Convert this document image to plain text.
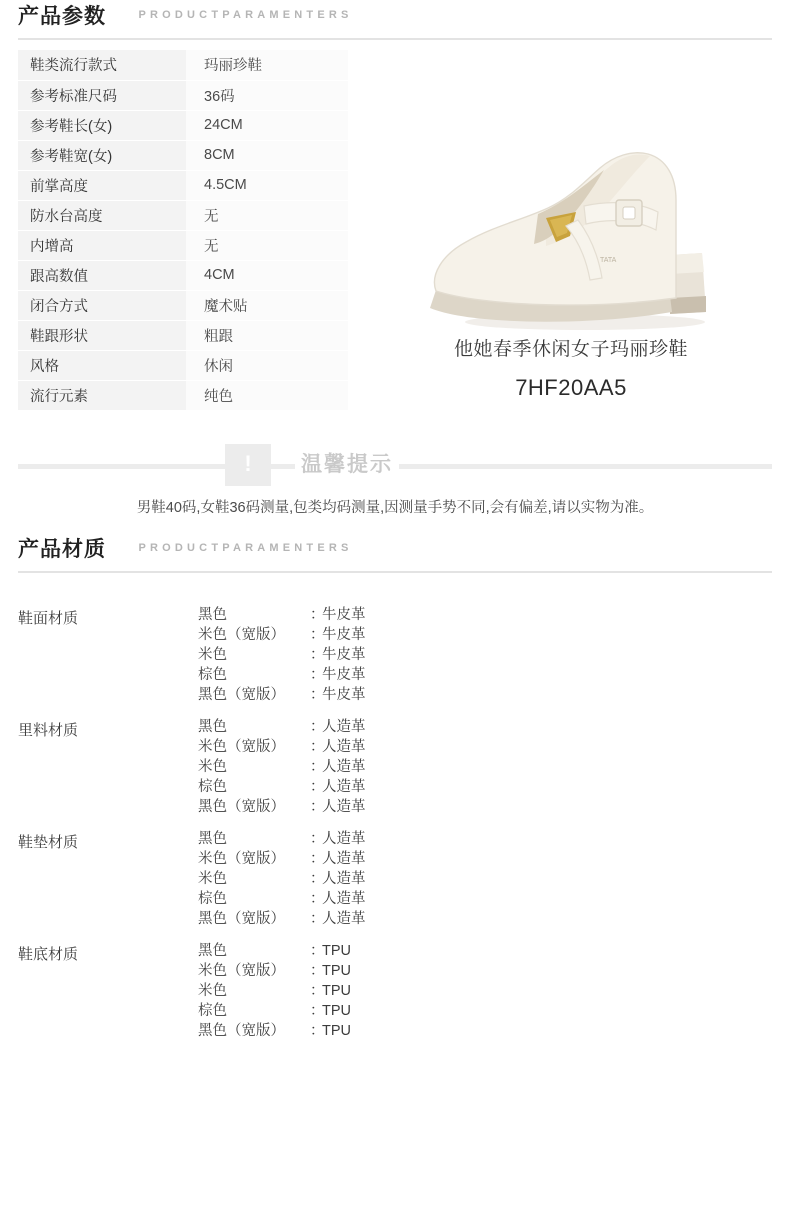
产品参数	PRODUCTPARAMENTERS
鞋类流行款式	玛丽珍鞋
参考标准尺码	36码
参考鞋长(女)	24CM
参考鞋宽(女)	8CM
前掌高度	4.5CM
防水台高度	无
内增高	无
跟高数值	4CM
闭合方式	魔术贴
鞋跟形状	粗跟
风格	休闲
流行元素	纯色
TATA
他她春季休闲女子玛丽珍鞋
7HF20AA5
!	温馨提示
男鞋40码,女鞋36码测量,包类均码测量,因测量手势不同,会有偏差,请以实物为准。
产品材质	PRODUCTPARAMENTERS
鞋面材质	黑色	：牛皮革
米色（宽版） ：牛皮革
米色	：牛皮革
棕色	：牛皮革
黑色（宽版） ：牛皮革
里料材质	黑色	：人造革
米色（宽版） ：人造革
米色	：人造革
棕色	：人造革
黑色（宽版） ：人造革
鞋垫材质	黑色	：人造革
米色（宽版） ：人造革
米色	：人造革
棕色	：人造革
黑色（宽版） ：人造革
鞋底材质	黑色	：TPU
米色（宽版） ：TPU
米色	：TPU
棕色	：TPU
黑色（宽版） ：TPU
